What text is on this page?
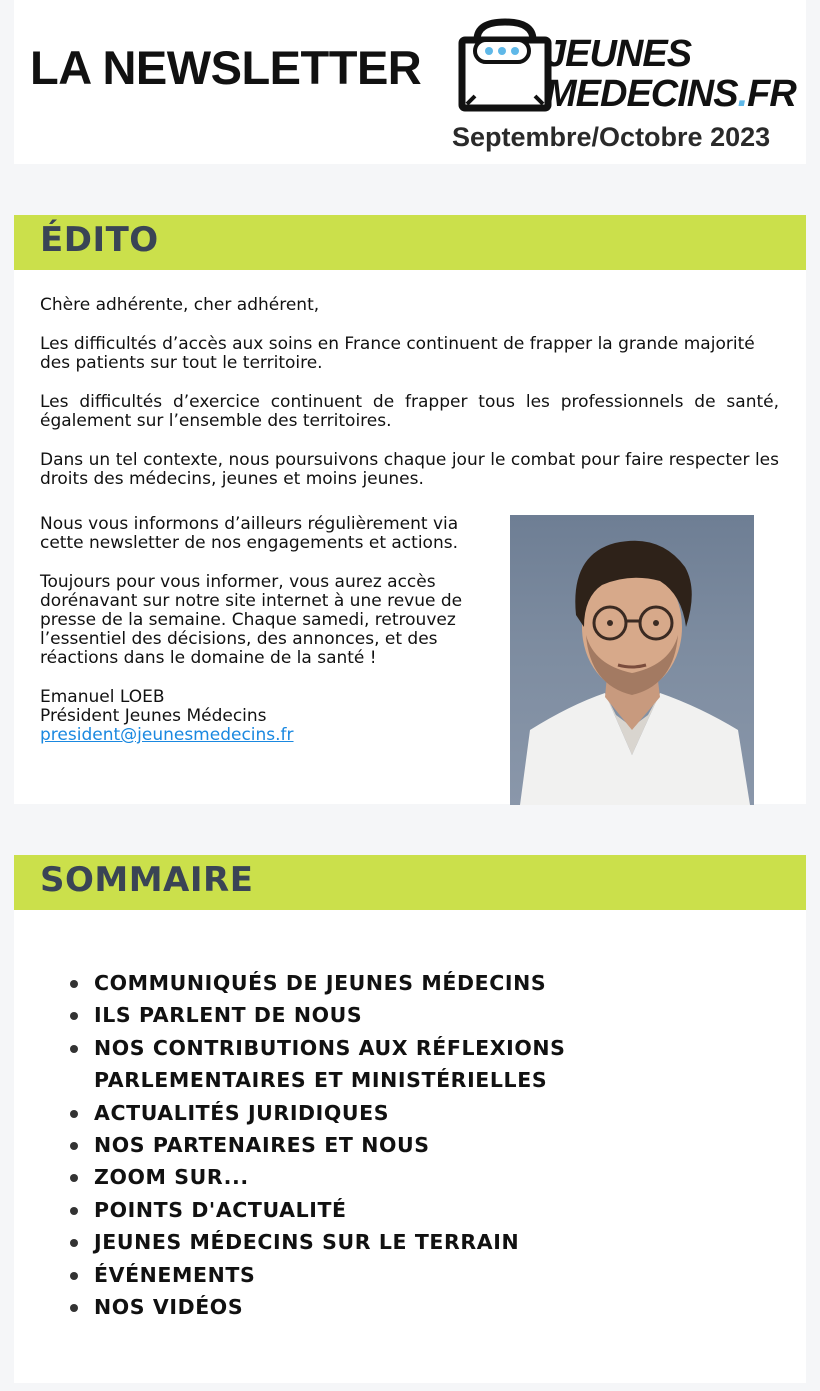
LA NEWSLETTER	JEUNES
MEDECINS.FR
Septembre/Octobre 2023
ÉDITO

Chère adhérente, cher adhérent,

Les difficultés d’accès aux soins en France continuent de frapper la grande majorité des patients sur tout le territoire.

Les difficultés d’exercice continuent de frapper tous les professionnels de santé, également sur l’ensemble des territoires.

Dans un tel contexte, nous poursuivons chaque jour le combat pour faire respecter les droits des médecins, jeunes et moins jeunes.

Nous vous informons d’ailleurs régulièrement via cette newsletter de nos engagements et actions.

Toujours pour vous informer, vous aurez accès dorénavant sur notre site internet à une revue de presse de la semaine. Chaque samedi, retrouvez l’essentiel des décisions, des annonces, et des réactions dans le domaine de la santé !

Emanuel LOEB
Président Jeunes Médecins
president@jeunesmedecins.fr
SOMMAIRE
COMMUNIQUÉS DE JEUNES MÉDECINS
ILS PARLENT DE NOUS
NOS CONTRIBUTIONS AUX RÉFLEXIONS PARLEMENTAIRES ET MINISTÉRIELLES
ACTUALITÉS JURIDIQUES
NOS PARTENAIRES ET NOUS
ZOOM SUR...
POINTS D'ACTUALITÉ
JEUNES MÉDECINS SUR LE TERRAIN
ÉVÉNEMENTS
NOS VIDÉOS
